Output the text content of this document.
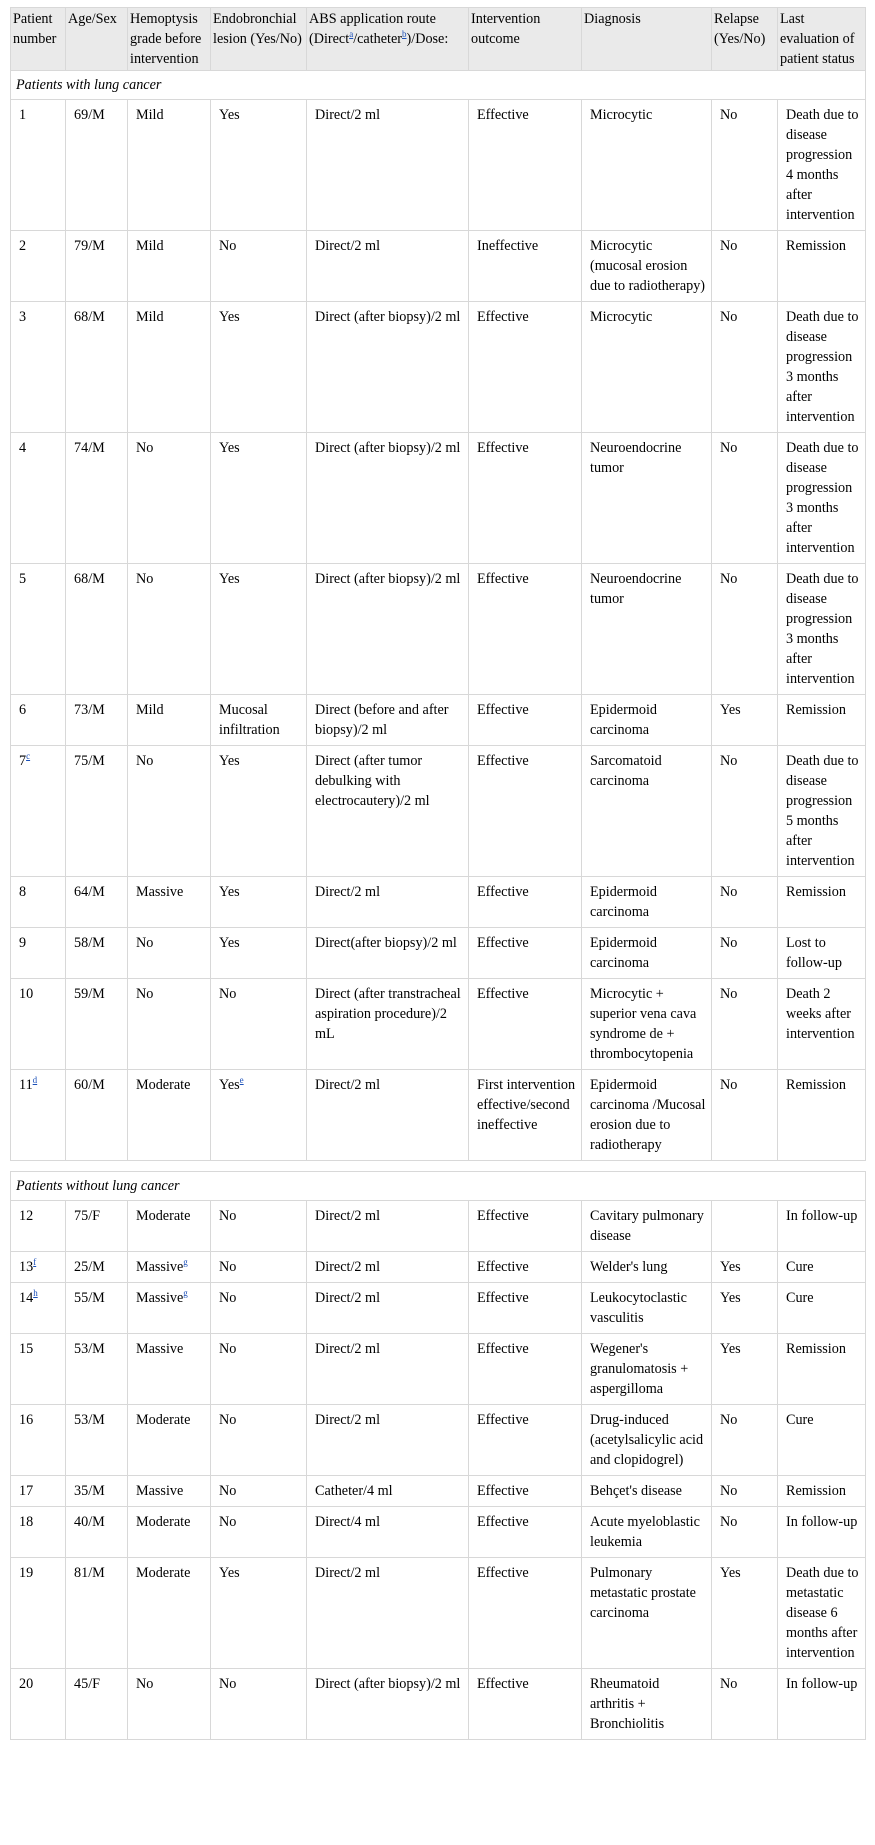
Patient number	Age/Sex	Hemoptysis grade before intervention	Endobronchial lesion (Yes/No)	ABS application route (Direct$^a$/catheter$^b$)/Dose:	Intervention outcome	Diagnosis	Relapse (Yes/No)	Last evaluation of patient status
Patients with lung cancer								
1	69/M	Mild	Yes	Direct/2 ml	Effective	Microcytic	No	Death due to disease progression 4 months after intervention
2	79/M	Mild	No	Direct/2 ml	Ineffective	Microcytic (mucosal erosion due to radiotherapy)	No	Remission
3	68/M	Mild	Yes	Direct (after biopsy)/2 ml	Effective	Microcytic	No	Death due to disease progression 3 months after intervention
4	74/M	No	Yes	Direct (after biopsy)/2 ml	Effective	Neuroendocrine tumor	No	Death due to disease progression 3 months after intervention
5	68/M	No	Yes	Direct (after biopsy)/2 ml	Effective	Neuroendocrine tumor	No	Death due to disease progression 3 months after intervention
6	73/M	Mild	Mucosal infiltration	Direct (before and after biopsy)/2 ml	Effective	Epidermoid carcinoma	Yes	Remission
7$^c$	75/M	No	Yes	Direct (after tumor debulking with electrocautery)/2 ml	Effective	Sarcomatoid carcinoma	No	Death due to disease progression 5 months after intervention
8	64/M	Massive	Yes	Direct/2 ml	Effective	Epidermoid carcinoma	No	Remission
9	58/M	No	Yes	Direct(after biopsy)/2 ml	Effective	Epidermoid carcinoma	No	Lost to follow-up
10	59/M	No	No	Direct (after transtracheal aspiration procedure)/2 mL	Effective	Microcytic + superior vena cava syndrome de + thrombocytopenia	No	Death 2 weeks after intervention
11$^d$	60/M	Moderate	Yes$^e$	Direct/2 ml	First intervention effective/second ineffective	Epidermoid carcinoma /Mucosal erosion due to radiotherapy	No	Remission

Patients without lung cancer								
12	75/F	Moderate	No	Direct/2 ml	Effective	Cavitary pulmonary disease		In follow-up
13$^f$	25/M	Massive$^g$	No	Direct/2 ml	Effective	Welder's lung	Yes	Cure
14$^h$	55/M	Massive$^g$	No	Direct/2 ml	Effective	Leukocytoclastic vasculitis	Yes	Cure
15	53/M	Massive	No	Direct/2 ml	Effective	Wegener's granulomatosis + aspergilloma	Yes	Remission
16	53/M	Moderate	No	Direct/2 ml	Effective	Drug-induced (acetylsalicylic acid and clopidogrel)	No	Cure
17	35/M	Massive	No	Catheter/4 ml	Effective	Behçet's disease	No	Remission
18	40/M	Moderate	No	Direct/4 ml	Effective	Acute myeloblastic leukemia	No	In follow-up
19	81/M	Moderate	Yes	Direct/2 ml	Effective	Pulmonary metastatic prostate carcinoma	Yes	Death due to metastatic disease 6 months after intervention
20	45/F	No	No	Direct (after biopsy)/2 ml	Effective	Rheumatoid arthritis + Bronchiolitis	No	In follow-up
